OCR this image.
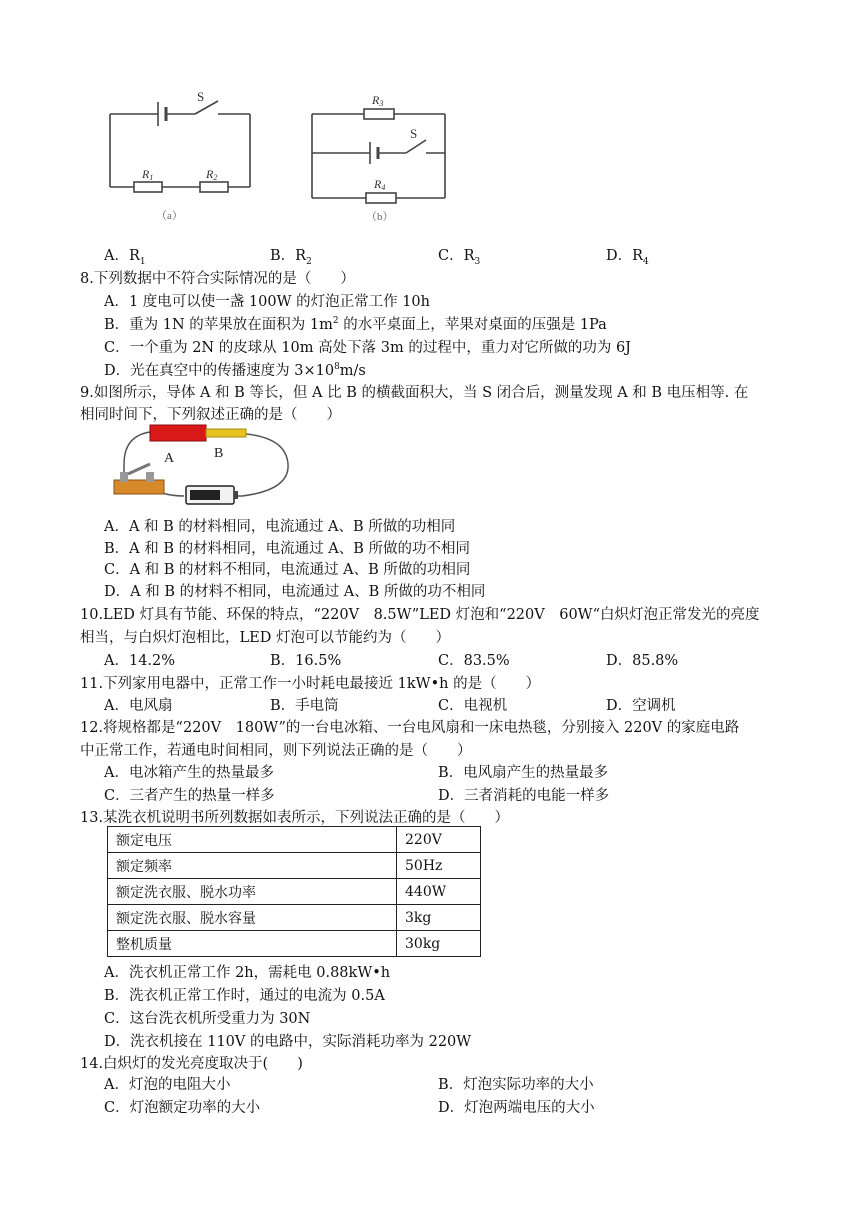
S
R1	R2
（a）
R3
S
R4
（b）
A．$R_1$	B．$R_2$	C．$R_3$	D．$R_4$
8.下列数据中不符合实际情况的是（　　）
A．1 度电可以使一盏 100W 的灯泡正常工作 10h
B．重为 1N 的苹果放在面积为 $1m^2$ 的水平桌面上，苹果对桌面的压强是 1Pa
C．一个重为 2N 的皮球从 10m 高处下落 3m 的过程中，重力对它所做的功为 6J
D．光在真空中的传播速度为 $3\times 10^8m/s$
9.如图所示，导体 A 和 B 等长，但 A 比 B 的横截面积大，当 S 闭合后，测量发现 A 和 B 电压相等. 在
相同时间下，下列叙述正确的是（　　）
A	B
A．A 和 B 的材料相同，电流通过 A、B 所做的功相同
B．A 和 B 的材料相同，电流通过 A、B 所做的功不相同
C．A 和 B 的材料不相同，电流通过 A、B 所做的功相同
D．A 和 B 的材料不相同，电流通过 A、B 所做的功不相同
10.LED 灯具有节能、环保的特点，“220V　8.5W”LED 灯泡和“220V　60W“白炽灯泡正常发光的亮度
相当，与白炽灯泡相比，LED 灯泡可以节能约为（　　）
A．14.2%	B．16.5%	C．83.5%	D．85.8%
11.下列家用电器中，正常工作一小时耗电最接近 1kW•h 的是（　　）
A．电风扇	B．手电筒	C．电视机	D．空调机
12.将规格都是“220V　180W”的一台电冰箱、一台电风扇和一床电热毯，分别接入 220V 的家庭电路
中正常工作，若通电时间相同，则下列说法正确的是（　　）
A．电冰箱产生的热量最多	B．电风扇产生的热量最多
C．三者产生的热量一样多	D．三者消耗的电能一样多
13.某洗衣机说明书所列数据如表所示，下列说法正确的是（　　）
额定电压	220V
额定频率	50Hz
额定洗衣服、脱水功率	440W
额定洗衣服、脱水容量	3kg
整机质量	30kg
A．洗衣机正常工作 2h，需耗电 0.88kW•h
B．洗衣机正常工作时，通过的电流为 0.5A
C．这台洗衣机所受重力为 30N
D．洗衣机接在 110V 的电路中，实际消耗功率为 220W
14.白炽灯的发光亮度取决于(　　)
A．灯泡的电阻大小	B．灯泡实际功率的大小
C．灯泡额定功率的大小	D．灯泡两端电压的大小
